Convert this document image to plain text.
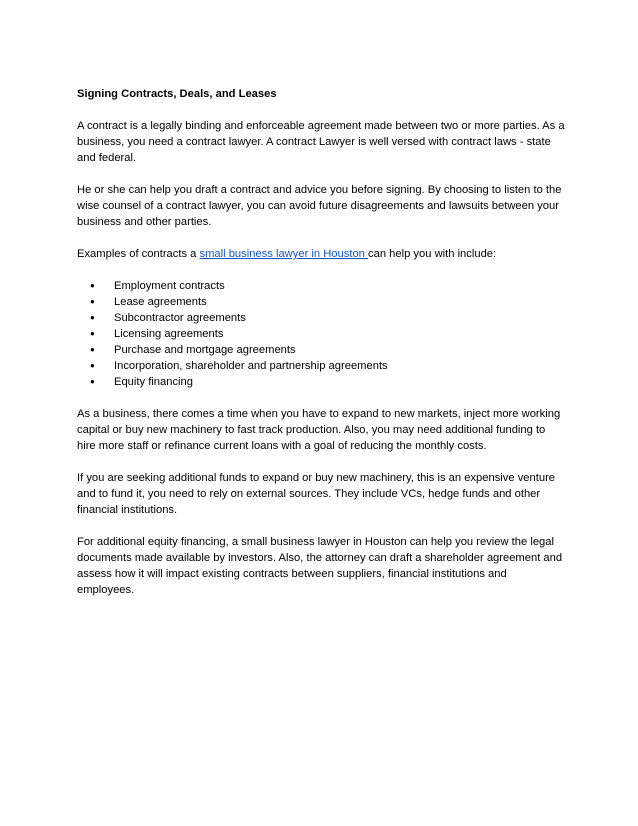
Signing Contracts, Deals, and Leases
A contract is a legally binding and enforceable agreement made between two or more parties. As a business, you need a contract lawyer. A contract Lawyer is well versed with contract laws - state and federal.
He or she can help you draft a contract and advice you before signing. By choosing to listen to the wise counsel of a contract lawyer, you can avoid future disagreements and lawsuits between your business and other parties.
Examples of contracts a small business lawyer in Houston can help you with include:
● Employment contracts
● Lease agreements
● Subcontractor agreements
● Licensing agreements
● Purchase and mortgage agreements
● Incorporation, shareholder and partnership agreements
● Equity financing
As a business, there comes a time when you have to expand to new markets, inject more working capital or buy new machinery to fast track production. Also, you may need additional funding to hire more staff or refinance current loans with a goal of reducing the monthly costs.
If you are seeking additional funds to expand or buy new machinery, this is an expensive venture and to fund it, you need to rely on external sources. They include VCs, hedge funds and other financial institutions.
For additional equity financing, a small business lawyer in Houston can help you review the legal documents made available by investors. Also, the attorney can draft a shareholder agreement and assess how it will impact existing contracts between suppliers, financial institutions and employees.
